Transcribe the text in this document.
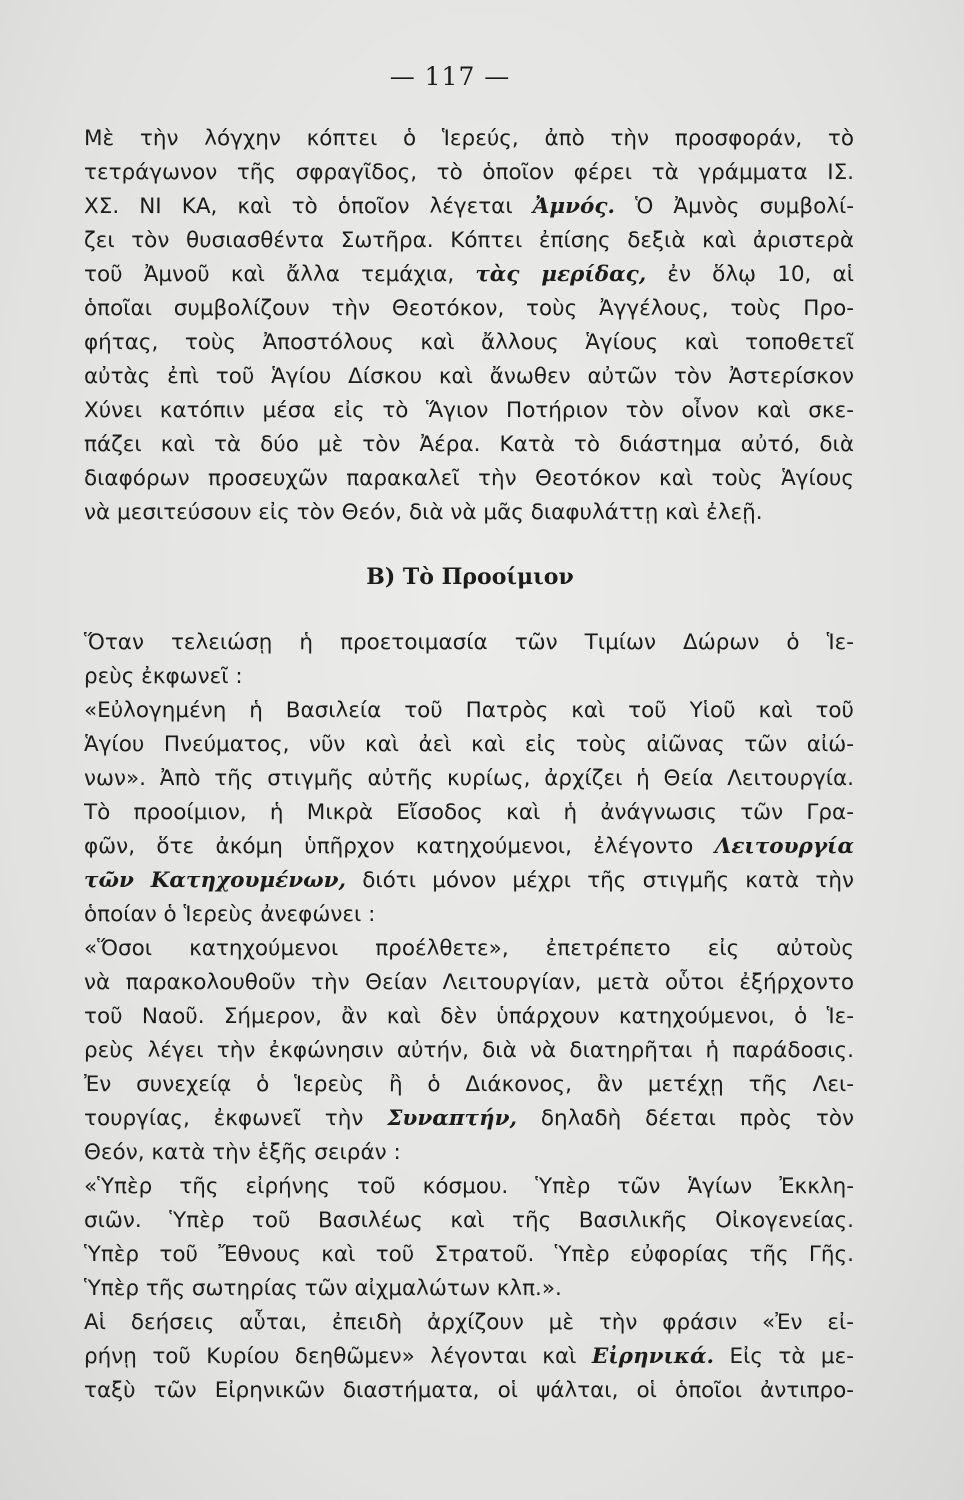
— 117 —
Μὲ τὴν λόγχην κόπτει ὁ Ἱερεύς, ἀπὸ τὴν προσφοράν, τὸ
τετράγωνον τῆς σφραγῖδος, τὸ ὁποῖον φέρει τὰ γράμματα ΙΣ.
ΧΣ. ΝΙ ΚΑ, καὶ τὸ ὁποῖον λέγεται Ἀμνός. Ὁ Ἀμνὸς συμβολί-
ζει τὸν θυσιασθέντα Σωτῆρα. Κόπτει ἐπίσης δεξιὰ καὶ ἀριστερὰ
τοῦ Ἀμνοῦ καὶ ἄλλα τεμάχια, τὰς μερίδας, ἐν ὅλῳ 10, αἱ
ὁποῖαι συμβολίζουν τὴν Θεοτόκον, τοὺς Ἀγγέλους, τοὺς Προ-
φήτας, τοὺς Ἀποστόλους καὶ ἄλλους Ἁγίους καὶ τοποθετεῖ
αὐτὰς ἐπὶ τοῦ Ἁγίου Δίσκου καὶ ἄνωθεν αὐτῶν τὸν Ἀστερίσκον
Χύνει κατόπιν μέσα εἰς τὸ Ἅγιον Ποτήριον τὸν οἶνον καὶ σκε-
πάζει καὶ τὰ δύο μὲ τὸν Ἀέρα. Κατὰ τὸ διάστημα αὐτό, διὰ
διαφόρων προσευχῶν παρακαλεῖ τὴν Θεοτόκον καὶ τοὺς Ἁγίους
νὰ μεσιτεύσουν εἰς τὸν Θεόν, διὰ νὰ μᾶς διαφυλάττῃ καὶ ἐλεῇ.
Β) Τὸ Προοίμιον
Ὅταν τελειώσῃ ἡ προετοιμασία τῶν Τιμίων Δώρων ὁ Ἱε-
ρεὺς ἐκφωνεῖ :
«Εὐλογημένη ἡ Βασιλεία τοῦ Πατρὸς καὶ τοῦ Υἱοῦ καὶ τοῦ
Ἁγίου Πνεύματος, νῦν καὶ ἀεὶ καὶ εἰς τοὺς αἰῶνας τῶν αἰώ-
νων». Ἀπὸ τῆς στιγμῆς αὐτῆς κυρίως, ἀρχίζει ἡ Θεία Λειτουργία.
Τὸ προοίμιον, ἡ Μικρὰ Εἴσοδος καὶ ἡ ἀνάγνωσις τῶν Γρα-
φῶν, ὅτε ἀκόμη ὑπῆρχον κατηχούμενοι, ἐλέγοντο Λειτουργία
τῶν Κατηχουμένων, διότι μόνον μέχρι τῆς στιγμῆς κατὰ τὴν
ὁποίαν ὁ Ἱερεὺς ἀνεφώνει :
«Ὅσοι κατηχούμενοι προέλθετε», ἐπετρέπετο εἰς αὐτοὺς
νὰ παρακολουθοῦν τὴν Θείαν Λειτουργίαν, μετὰ οὗτοι ἐξήρχοντο
τοῦ Ναοῦ. Σήμερον, ἂν καὶ δὲν ὑπάρχουν κατηχούμενοι, ὁ Ἱε-
ρεὺς λέγει τὴν ἐκφώνησιν αὐτήν, διὰ νὰ διατηρῆται ἡ παράδοσις.
Ἐν συνεχείᾳ ὁ Ἱερεὺς ἢ ὁ Διάκονος, ἂν μετέχῃ τῆς Λει-
τουργίας, ἐκφωνεῖ τὴν Συναπτήν, δηλαδὴ δέεται πρὸς τὸν
Θεόν, κατὰ τὴν ἑξῆς σειράν :
«Ὑπὲρ τῆς εἰρήνης τοῦ κόσμου. Ὑπὲρ τῶν Ἁγίων Ἐκκλη-
σιῶν. Ὑπὲρ τοῦ Βασιλέως καὶ τῆς Βασιλικῆς Οἰκογενείας.
Ὑπὲρ τοῦ Ἔθνους καὶ τοῦ Στρατοῦ. Ὑπὲρ εὐφορίας τῆς Γῆς.
Ὑπὲρ τῆς σωτηρίας τῶν αἰχμαλώτων κλπ.».
Αἱ δεήσεις αὗται, ἐπειδὴ ἀρχίζουν μὲ τὴν φράσιν «Ἐν εἰ-
ρήνῃ τοῦ Κυρίου δεηθῶμεν» λέγονται καὶ Εἰρηνικά. Εἰς τὰ με-
ταξὺ τῶν Εἰρηνικῶν διαστήματα, οἱ ψάλται, οἱ ὁποῖοι ἀντιπρο-
